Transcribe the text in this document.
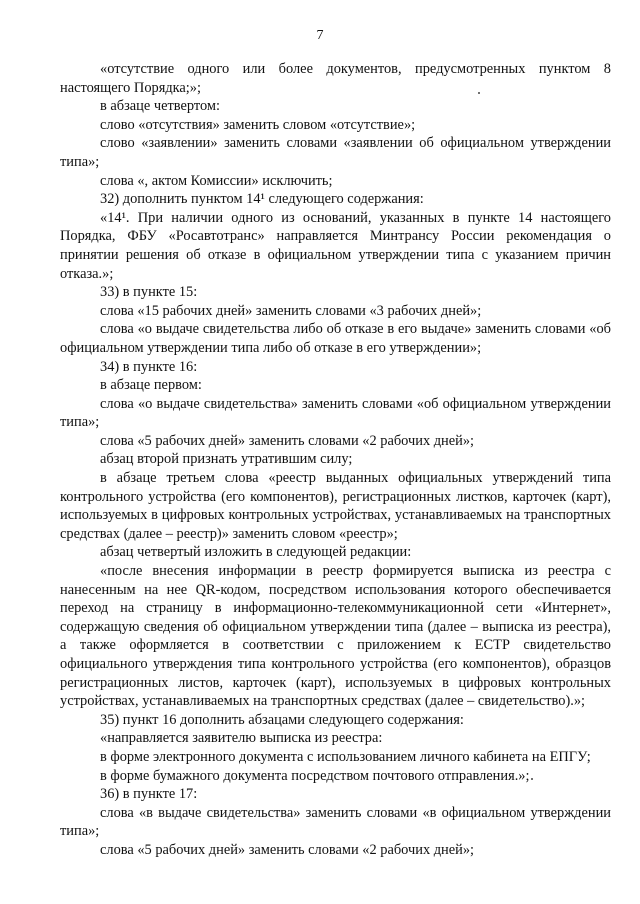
7

«отсутствие одного или более документов, предусмотренных пунктом 8 настоящего Порядка;»;

в абзаце четвертом:

слово «отсутствия» заменить словом «отсутствие»;

слово «заявлении» заменить словами «заявлении об официальном утверждении типа»;

слова «, актом Комиссии» исключить;

32) дополнить пунктом 14¹ следующего содержания:

«14¹. При наличии одного из оснований, указанных в пункте 14 настоящего Порядка, ФБУ «Росавтотранс» направляется Минтрансу России рекомендация о принятии решения об отказе в официальном утверждении типа с указанием причин отказа.»;

33) в пункте 15:

слова «15 рабочих дней» заменить словами «3 рабочих дней»;

слова «о выдаче свидетельства либо об отказе в его выдаче» заменить словами «об официальном утверждении типа либо об отказе в его утверждении»;

34) в пункте 16:

в абзаце первом:

слова «о выдаче свидетельства» заменить словами «об официальном утверждении типа»;

слова «5 рабочих дней» заменить словами «2 рабочих дней»;

абзац второй признать утратившим силу;

в абзаце третьем слова «реестр выданных официальных утверждений типа контрольного устройства (его компонентов), регистрационных листков, карточек (карт), используемых в цифровых контрольных устройствах, устанавливаемых на транспортных средствах (далее – реестр)» заменить словом «реестр»;

абзац четвертый изложить в следующей редакции:

«после внесения информации в реестр формируется выписка из реестра с нанесенным на нее QR-кодом, посредством использования которого обеспечивается переход на страницу в информационно-телекоммуникационной сети «Интернет», содержащую сведения об официальном утверждении типа (далее – выписка из реестра), а также оформляется в соответствии с приложением к ЕСТР свидетельство официального утверждения типа контрольного устройства (его компонентов), образцов регистрационных листов, карточек (карт), используемых в цифровых контрольных устройствах, устанавливаемых на транспортных средствах (далее – свидетельство).»;

35) пункт 16 дополнить абзацами следующего содержания:

«направляется заявителю выписка из реестра:

в форме электронного документа с использованием личного кабинета на ЕПГУ;

в форме бумажного документа посредством почтового отправления.»;

36) в пункте 17:

слова «в выдаче свидетельства» заменить словами «в официальном утверждении типа»;

слова «5 рабочих дней» заменить словами «2 рабочих дней»;
